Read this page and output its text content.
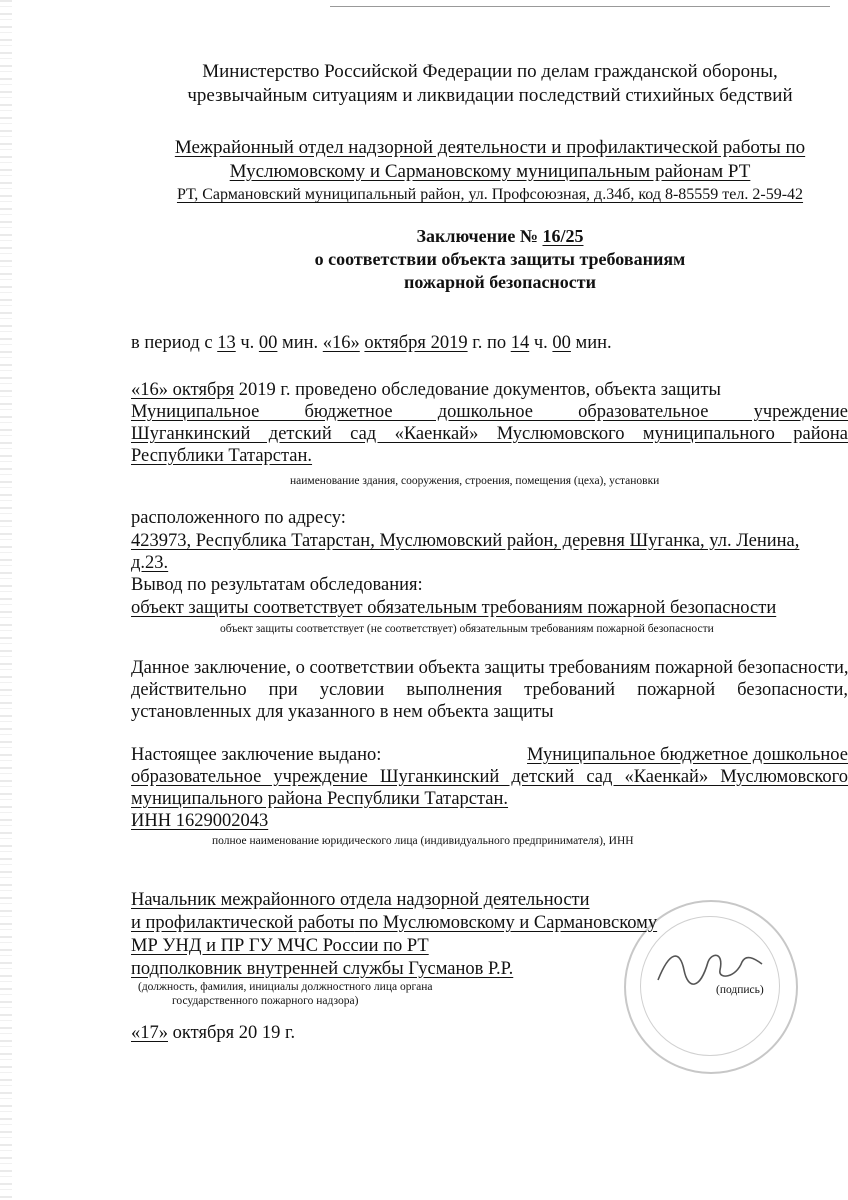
Министерство Российской Федерации по делам гражданской обороны,
чрезвычайным ситуациям и ликвидации последствий стихийных бедствий
Межрайонный отдел надзорной деятельности и профилактической работы по
Муслюмовскому и Сармановскому муниципальным районам РТ
РТ, Сармановский муниципальный район, ул. Профсоюзная, д.34б, код 8-85559 тел. 2-59-42
Заключение № 16/25
о соответствии объекта защиты требованиям
пожарной безопасности
в период с 13 ч. 00 мин. «16» октября 2019 г. по 14 ч. 00 мин.
«16» октября 2019 г. проведено обследование документов, объекта защиты
Муниципальное бюджетное дошкольное образовательное учреждение
Шуганкинский детский сад «Каенкай» Муслюмовского муниципального района
Республики Татарстан.
наименование здания, сооружения, строения, помещения (цеха), установки
расположенного по адресу:
423973, Республика Татарстан, Муслюмовский район, деревня Шуганка, ул. Ленина,
д.23.
Вывод по результатам обследования:
объект защиты соответствует обязательным требованиям пожарной безопасности
объект защиты соответствует (не соответствует) обязательным требованиям пожарной безопасности
Данное заключение, о соответствии объекта защиты требованиям пожарной безопасности,
действительно при условии выполнения требований пожарной безопасности,
установленных для указанного в нем объекта защиты
Настоящее заключение выдано:	Муниципальное бюджетное дошкольное
образовательное учреждение Шуганкинский детский сад «Каенкай» Муслюмовского
муниципального района Республики Татарстан.
ИНН 1629002043
полное наименование юридического лица (индивидуального предпринимателя), ИНН
Начальник межрайонного отдела надзорной деятельности
и профилактической работы по Муслюмовскому и Сармановскому
МР УНД и ПР ГУ МЧС России по РТ
подполковник внутренней службы Гусманов Р.Р.
(должность, фамилия, инициалы должностного лица органа
государственного пожарного надзора)
(подпись)
«17» октября 20 19 г.
